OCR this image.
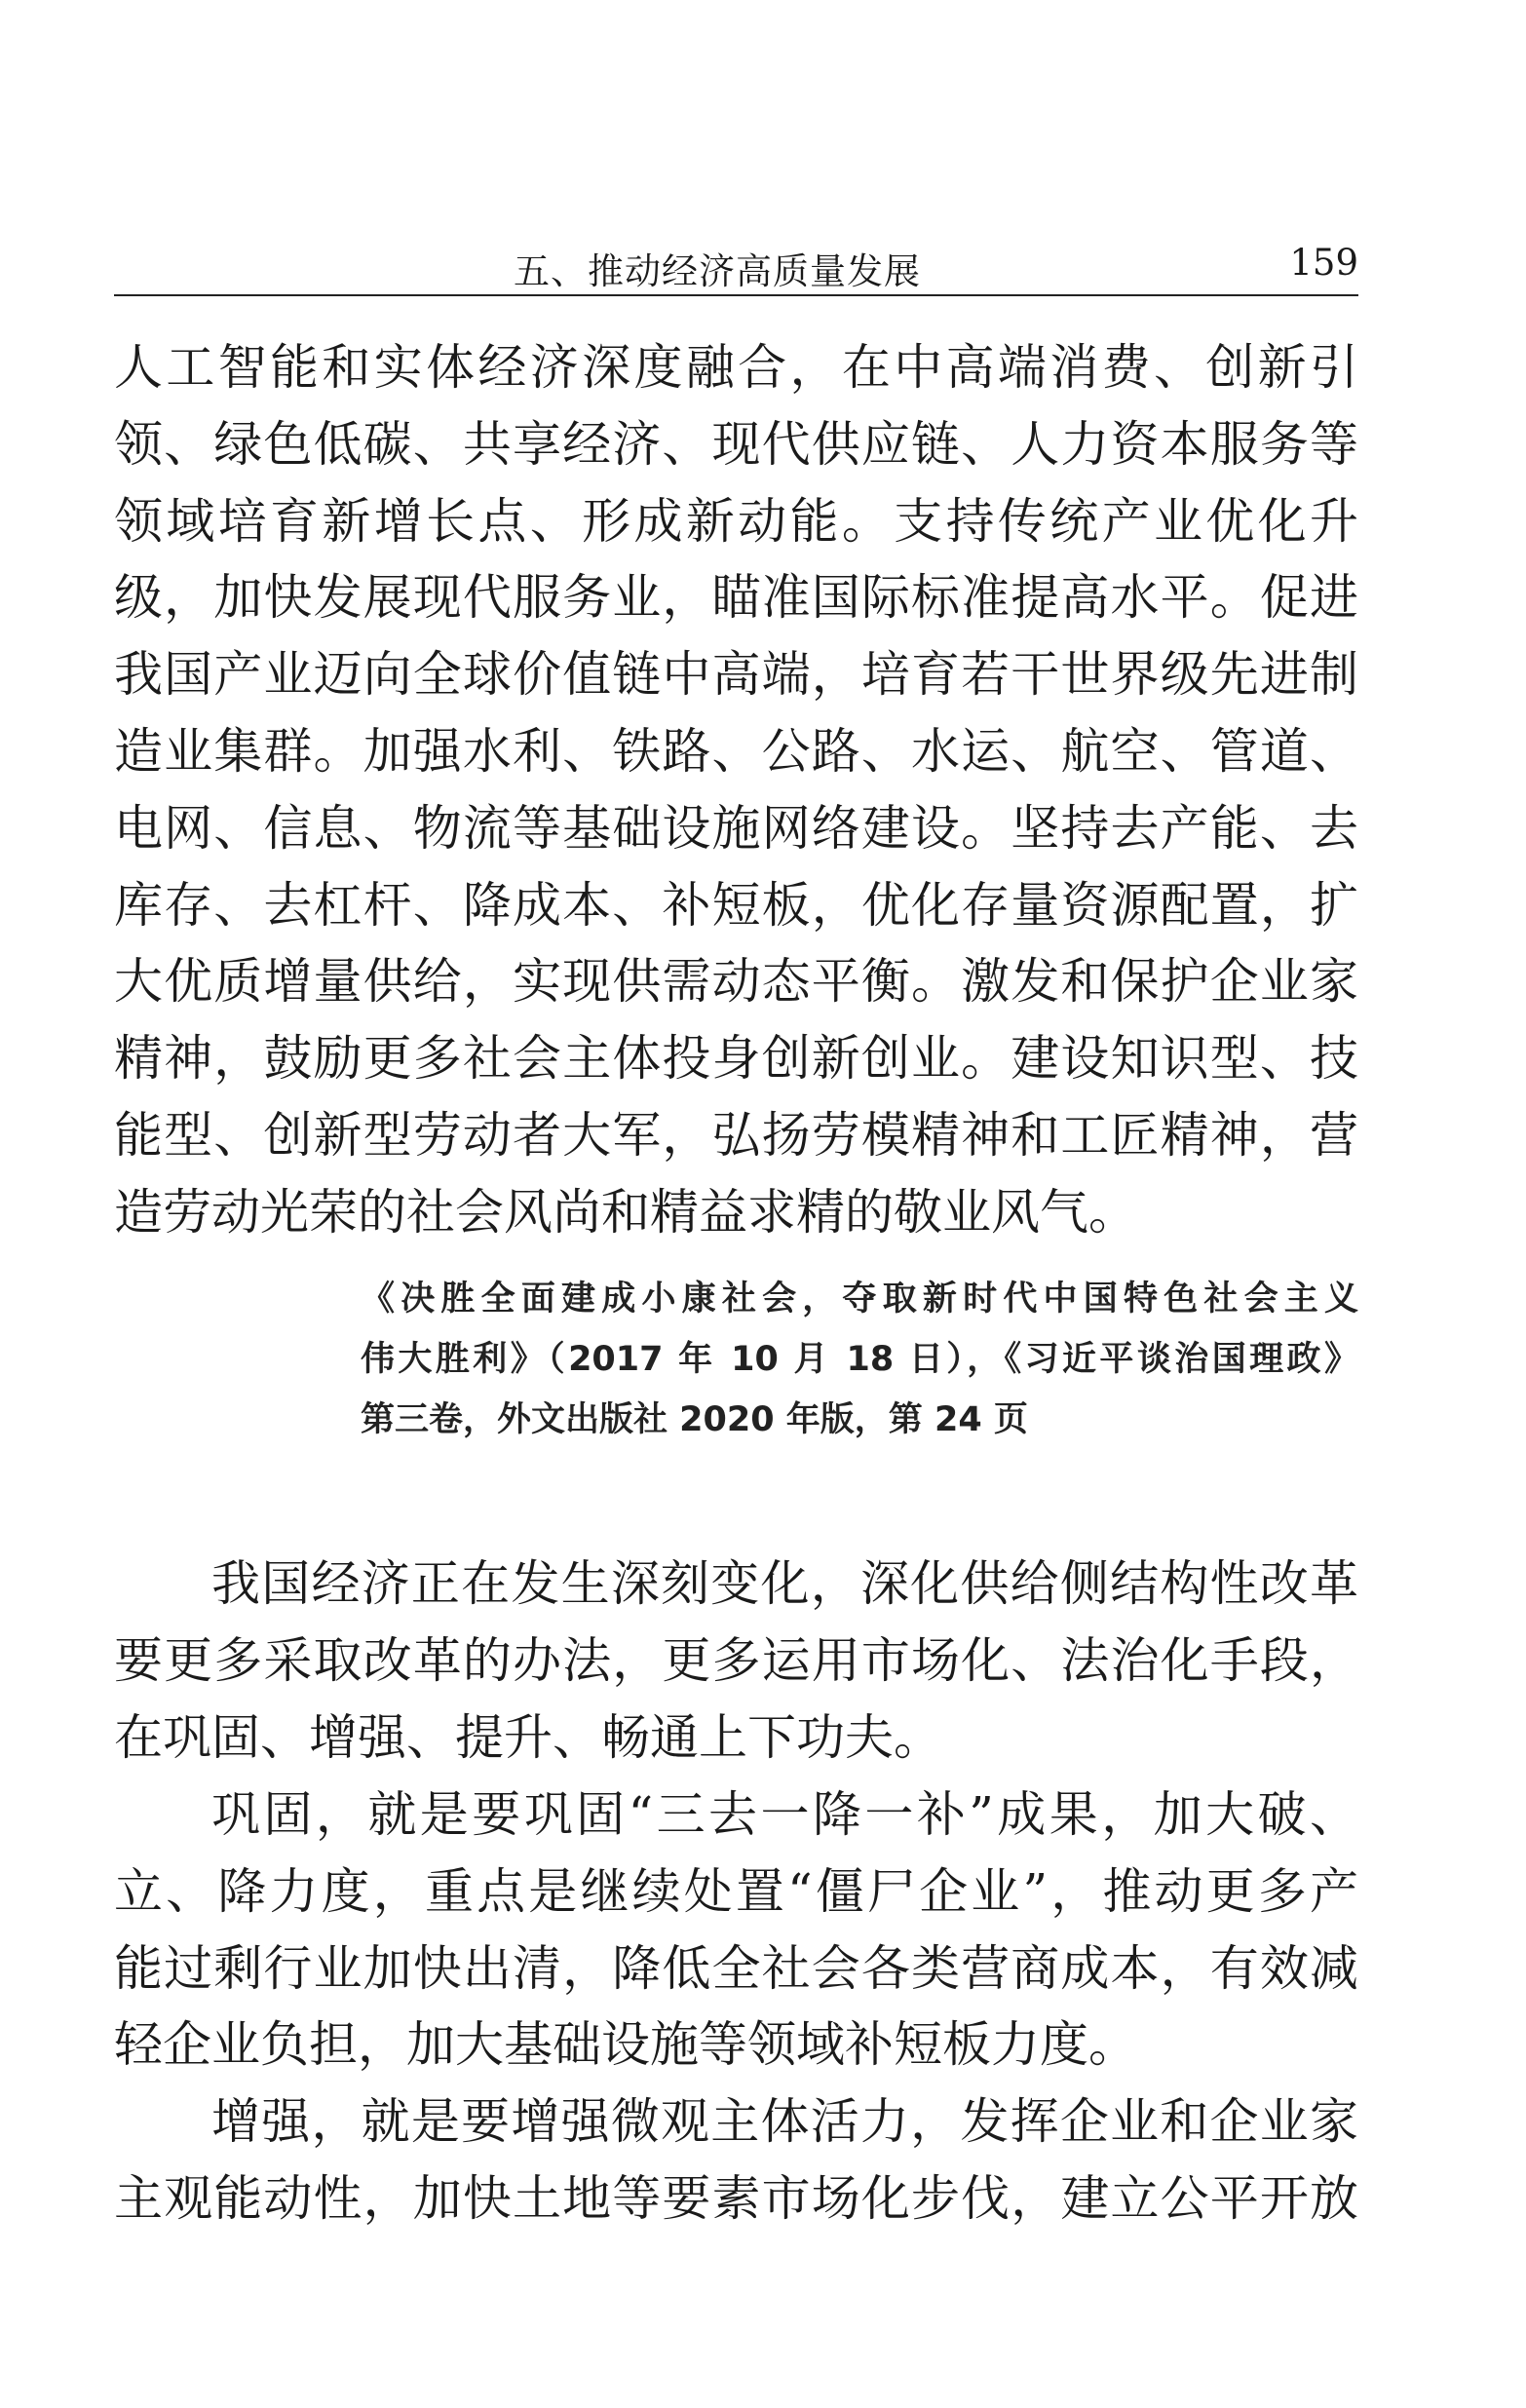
五、推动经济高质量发展	159
人工智能和实体经济深度融合，在中高端消费、创新引
领、绿色低碳、共享经济、现代供应链、人力资本服务等
领域培育新增长点、形成新动能。支持传统产业优化升
级，加快发展现代服务业，瞄准国际标准提高水平。促进
我国产业迈向全球价值链中高端，培育若干世界级先进制
造业集群。加强水利、铁路、公路、水运、航空、管道、
电网、信息、物流等基础设施网络建设。坚持去产能、去
库存、去杠杆、降成本、补短板，优化存量资源配置，扩
大优质增量供给，实现供需动态平衡。激发和保护企业家
精神，鼓励更多社会主体投身创新创业。建设知识型、技
能型、创新型劳动者大军，弘扬劳模精神和工匠精神，营
造劳动光荣的社会风尚和精益求精的敬业风气。
《决胜全面建成小康社会，夺取新时代中国特色社会主义
伟大胜利》（2017 年 10 月 18 日），《习近平谈治国理政》
第三卷，外文出版社 2020 年版，第 24 页
我国经济正在发生深刻变化，深化供给侧结构性改革
要更多采取改革的办法，更多运用市场化、法治化手段，
在巩固、增强、提升、畅通上下功夫。
巩固，就是要巩固“三去一降一补”成果，加大破、
立、降力度，重点是继续处置“僵尸企业”，推动更多产
能过剩行业加快出清，降低全社会各类营商成本，有效减
轻企业负担，加大基础设施等领域补短板力度。
增强，就是要增强微观主体活力，发挥企业和企业家
主观能动性，加快土地等要素市场化步伐，建立公平开放
